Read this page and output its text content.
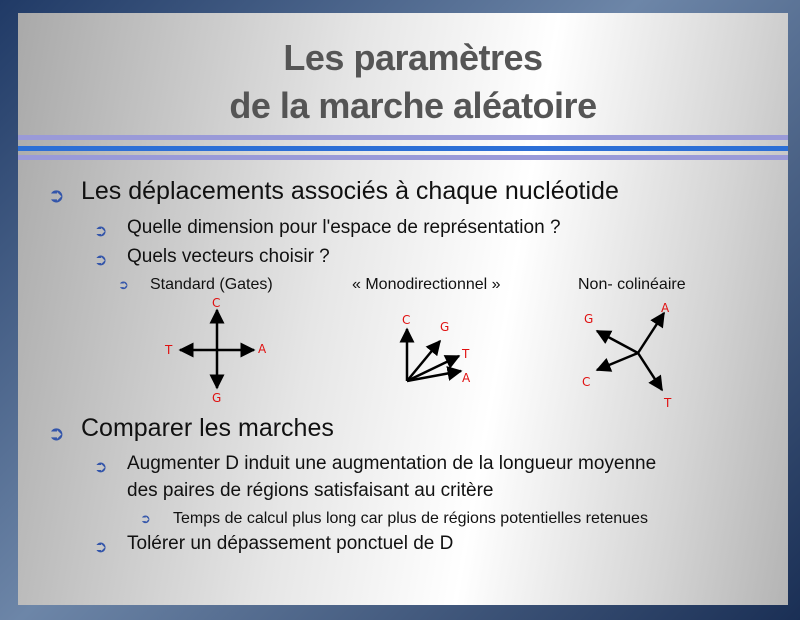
Les paramètres
de la marche aléatoire
➲ Les déplacements associés à chaque nucléotide
➲ Quelle dimension pour l'espace de représentation ?
➲ Quels vecteurs choisir ?
➲ Standard (Gates)	« Monodirectionnel »	Non- colinéaire
C
T	A
G
C G
T
A
G
A
C
T
➲ Comparer les marches
➲ Augmenter D induit une augmentation de la longueur moyenne
des paires de régions satisfaisant au critère
➲ Temps de calcul plus long car plus de régions potentielles retenues
➲ Tolérer un dépassement ponctuel de D
